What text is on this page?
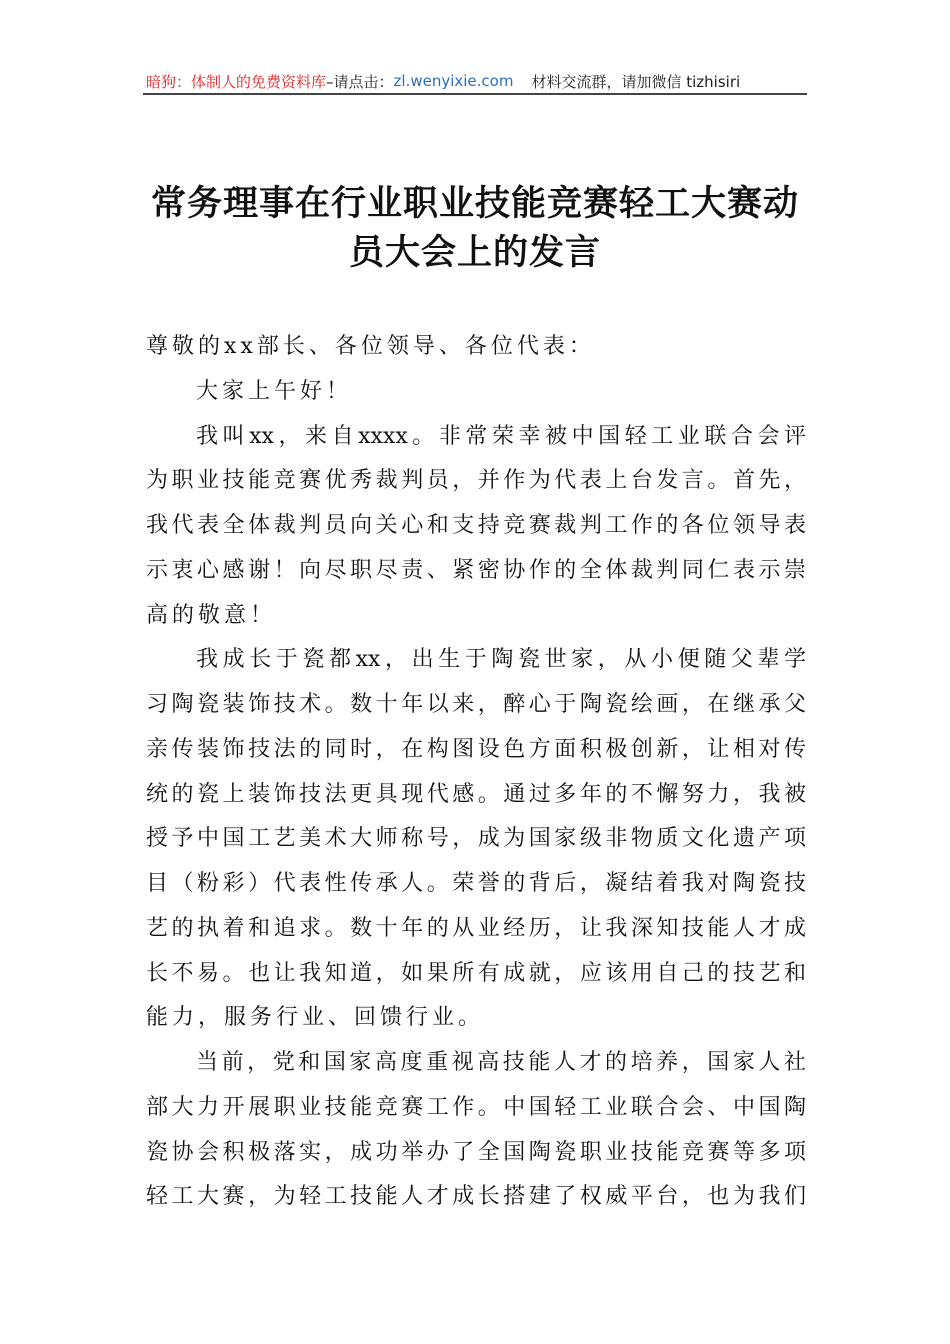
暗狗：体制人的免费资料库 –请点击： zl.wenyixie.com 材料交流群，请加微信 tizhisiri
常务理事在行业职业技能竞赛轻工大赛动
员大会上的发言
尊敬的xx部长、各位领导、各位代表：
大家上午好！
我叫xx，来自xxxx。非常荣幸被中国轻工业联合会评
为职业技能竞赛优秀裁判员，并作为代表上台发言。首先，
我代表全体裁判员向关心和支持竞赛裁判工作的各位领导表
示衷心感谢！向尽职尽责、紧密协作的全体裁判同仁表示崇
高的敬意！
我成长于瓷都xx，出生于陶瓷世家，从小便随父辈学
习陶瓷装饰技术。数十年以来，醉心于陶瓷绘画，在继承父
亲传装饰技法的同时，在构图设色方面积极创新，让相对传
统的瓷上装饰技法更具现代感。通过多年的不懈努力，我被
授予中国工艺美术大师称号，成为国家级非物质文化遗产项
目（粉彩）代表性传承人。荣誉的背后，凝结着我对陶瓷技
艺的执着和追求。数十年的从业经历，让我深知技能人才成
长不易。也让我知道，如果所有成就，应该用自己的技艺和
能力，服务行业、回馈行业。
当前，党和国家高度重视高技能人才的培养，国家人社
部大力开展职业技能竞赛工作。中国轻工业联合会、中国陶
瓷协会积极落实，成功举办了全国陶瓷职业技能竞赛等多项
轻工大赛，为轻工技能人才成长搭建了权威平台，也为我们
